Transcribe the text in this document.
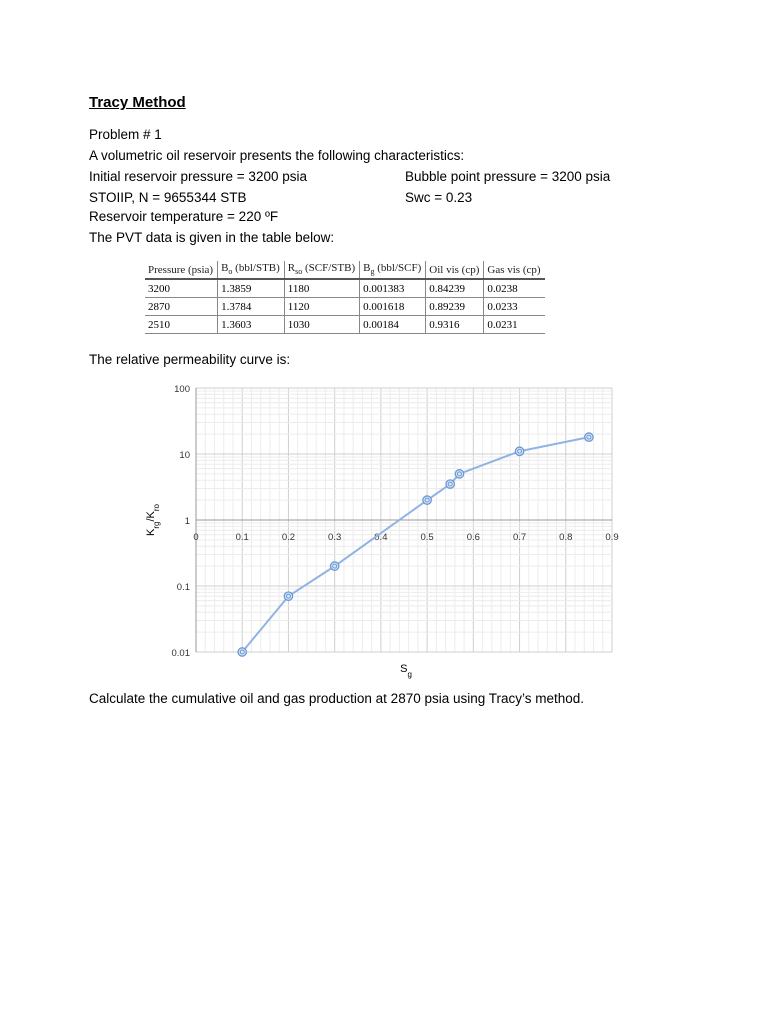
Tracy Method
Problem # 1
A volumetric oil reservoir presents the following characteristics:
Initial reservoir pressure = 3200 psia	Bubble point pressure = 3200 psia
STOIIP, N = 9655344 STB	Swc = 0.23
Reservoir temperature = 220 ºF
The PVT data is given in the table below:
Pressure (psia)	$B_o$ (bbl/STB)	$R_{so}$ (SCF/STB)	$B_g$ (bbl/SCF)	Oil vis (cp)	Gas vis (cp)
3200	1.3859	1180	0.001383	0.84239	0.0238
2870	1.3784	1120	0.001618	0.89239	0.0233
2510	1.3603	1030	0.00184	0.9316	0.0231
The relative permeability curve is:
0.01
0.1
1
10
100
0	0.1	0.2	0.3	0.4	0.5	0.6	0.7	0.8	0.9
$K_{rg}/K_{ro}$
$S_g$
Calculate the cumulative oil and gas production at 2870 psia using Tracy’s method.
